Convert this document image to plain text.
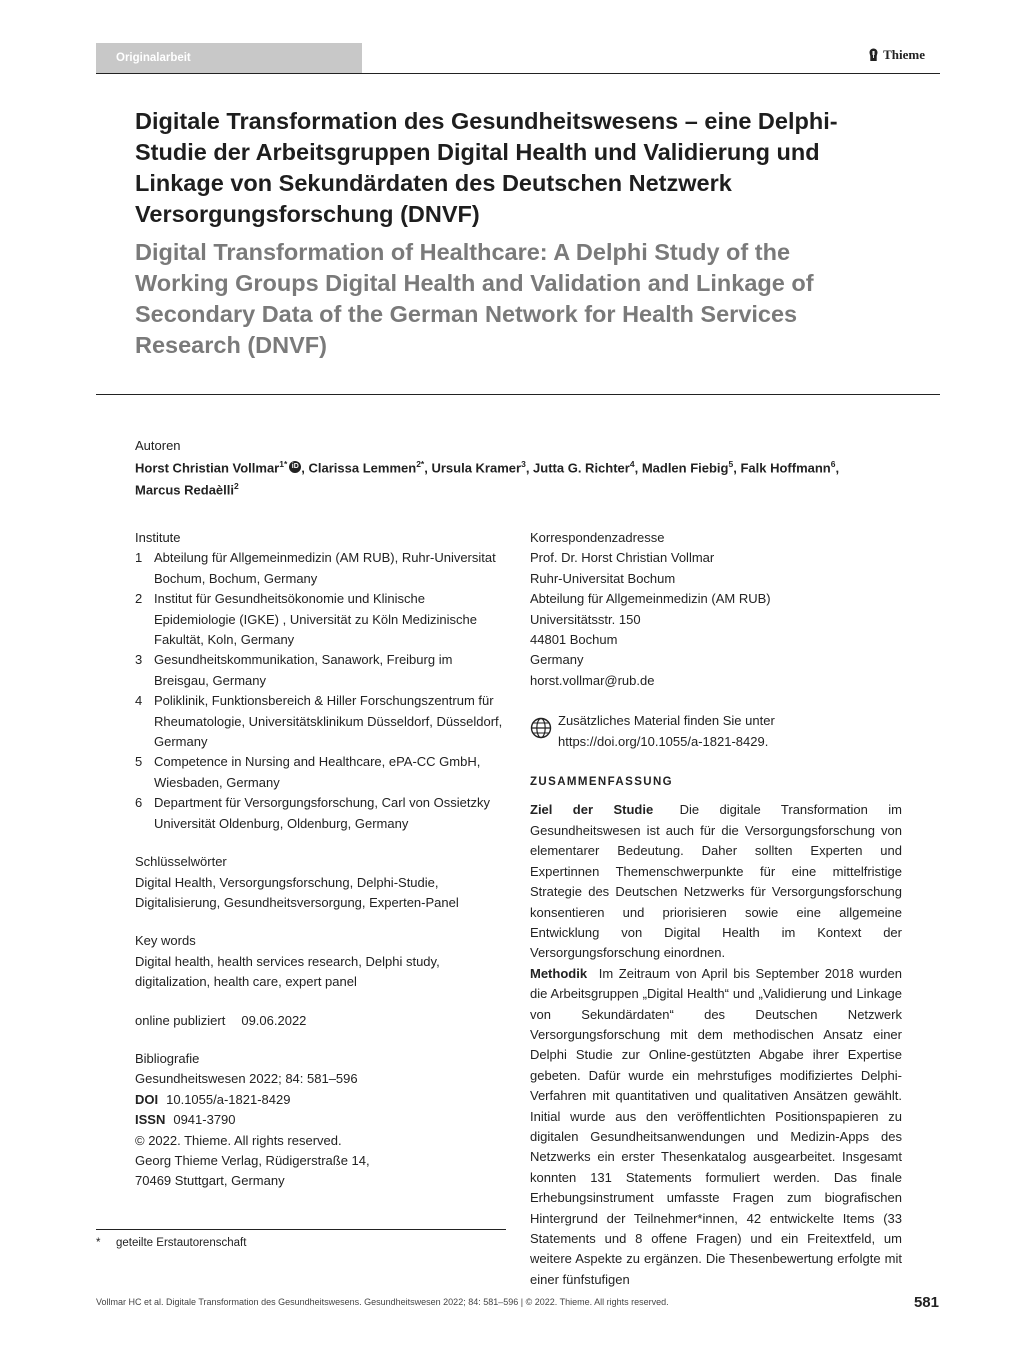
Originalarbeit	Thieme
Digitale Transformation des Gesundheitswesens – eine Delphi-Studie der Arbeitsgruppen Digital Health und Validierung und Linkage von Sekundärdaten des Deutschen Netzwerk Versorgungsforschung (DNVF)
Digital Transformation of Healthcare: A Delphi Study of the Working Groups Digital Health and Validation and Linkage of Secondary Data of the German Network for Health Services Research (DNVF)
Autoren
Horst Christian Vollmar$^{1*}$ iD , Clarissa Lemmen$^{2*}$, Ursula Kramer$^3$, Jutta G. Richter$^4$, Madlen Fiebig$^5$, Falk Hoffmann$^6$,
Marcus Redaèlli$^2$

Institute

1 Abteilung für Allgemeinmedizin (AM RUB), Ruhr-Universitat Bochum, Bochum, Germany
2 Institut für Gesundheitsökonomie und Klinische Epidemiologie (IGKE) , Universität zu Köln Medizinische Fakultät, Koln, Germany
3 Gesundheitskommunikation, Sanawork, Freiburg im Breisgau, Germany
4 Poliklinik, Funktionsbereich & Hiller Forschungszentrum für Rheumatologie, Universitätsklinikum Düsseldorf, Düsseldorf, Germany
5 Competence in Nursing and Healthcare, ePA-CC GmbH, Wiesbaden, Germany
6 Department für Versorgungsforschung, Carl von Ossietzky Universität Oldenburg, Oldenburg, Germany

Schlüsselwörter

Digital Health, Versorgungsforschung, Delphi-Studie, Digitalisierung, Gesundheitsversorgung, Experten-Panel

Key words

Digital health, health services research, Delphi study, digitalization, health care, expert panel

online publiziert 09.06.2022

Bibliografie

Gesundheitswesen 2022; 84: 581–596

DOI 10.1055/a-1821-8429

ISSN 0941-3790

© 2022. Thieme. All rights reserved.

Georg Thieme Verlag, Rüdigerstraße 14,

70469 Stuttgart, Germany

Korrespondenzadresse

Prof. Dr. Horst Christian Vollmar

Ruhr-Universitat Bochum

Abteilung für Allgemeinmedizin (AM RUB)

Universitätsstr. 150

44801 Bochum

Germany

horst.vollmar@rub.de

Zusätzliches Material finden Sie unter https://doi.org/10.1055/a-1821-8429.
ZUSAMMENFASSUNG

Ziel der Studie Die digitale Transformation im Gesundheitswesen ist auch für die Versorgungsforschung von elementarer Bedeutung. Daher sollten Experten und Expertinnen Themenschwerpunkte für eine mittelfristige Strategie des Deutschen Netzwerks für Versorgungsforschung konsentieren und priorisieren sowie eine allgemeine Entwicklung von Digital Health im Kontext der Versorgungsforschung einordnen.

Methodik Im Zeitraum von April bis September 2018 wurden die Arbeitsgruppen „Digital Health“ und „Validierung und Linkage von Sekundärdaten“ des Deutschen Netzwerk Versorgungsforschung mit dem methodischen Ansatz einer Delphi Studie zur Online-gestützten Abgabe ihrer Expertise gebeten. Dafür wurde ein mehrstufiges modifiziertes Delphi-Verfahren mit quantitativen und qualitativen Ansätzen gewählt. Initial wurde aus den veröffentlichten Positionspapieren zu digitalen Gesundheitsanwendungen und Medizin-Apps des Netzwerks ein erster Thesenkatalog ausgearbeitet. Insgesamt konnten 131 Statements formuliert werden. Das finale Erhebungsinstrument umfasste Fragen zum biografischen Hintergrund der Teilnehmer*innen, 42 entwickelte Items (33 Statements und 8 offene Fragen) und ein Freitextfeld, um weitere Aspekte zu ergänzen. Die Thesenbewertung erfolgte mit einer fünfstufigen

* geteilte Erstautorenschaft
Vollmar HC et al. Digitale Transformation des Gesundheitswesens. Gesundheitswesen 2022; 84: 581–596 | © 2022. Thieme. All rights reserved.	581
